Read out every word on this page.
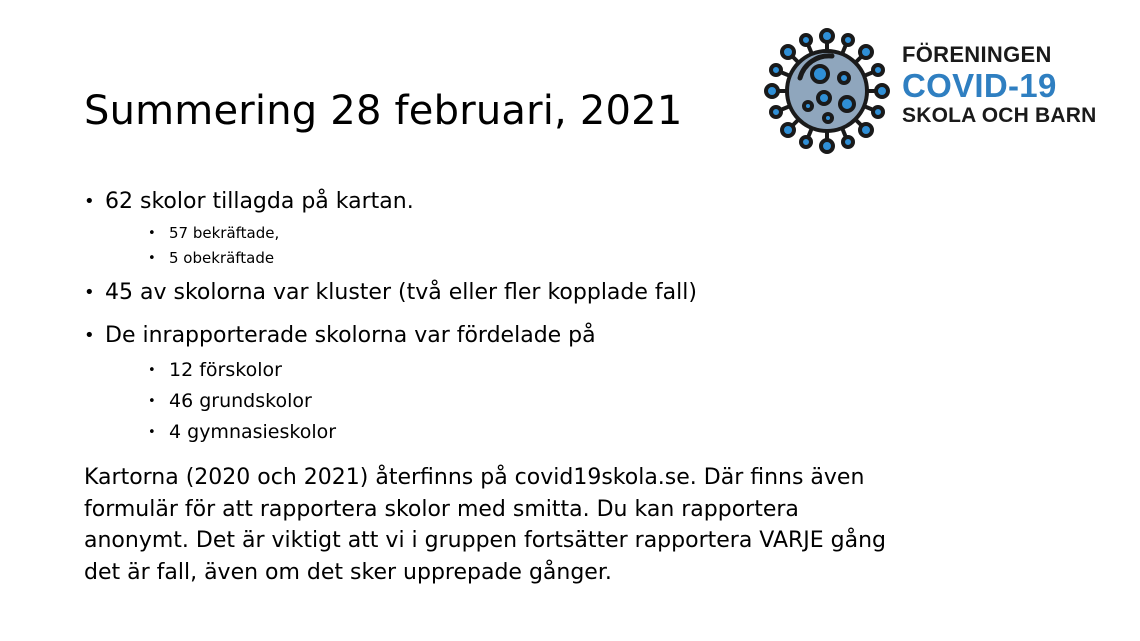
Summering 28 februari, 2021
FÖRENINGEN
COVID-19
SKOLA OCH BARN
• 62 skolor tillagda på kartan.
• 57 bekräftade,
• 5 obekräftade
• 45 av skolorna var kluster (två eller fler kopplade fall)
• De inrapporterade skolorna var fördelade på
• 12 förskolor
• 46 grundskolor
• 4 gymnasieskolor

Kartorna (2020 och 2021) återfinns på covid19skola.se. Där finns även
formulär för att rapportera skolor med smitta. Du kan rapportera
anonymt. Det är viktigt att vi i gruppen fortsätter rapportera VARJE gång
det är fall, även om det sker upprepade gånger.
